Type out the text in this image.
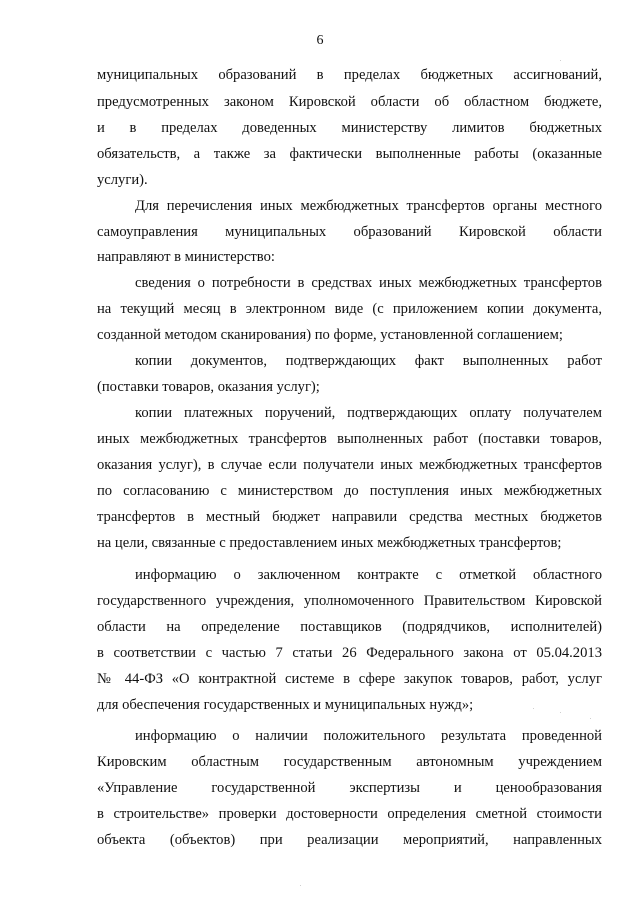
6
муниципальных образований в пределах бюджетных ассигнований,
предусмотренных законом Кировской области об областном бюджете,
и в пределах доведенных министерству лимитов бюджетных
обязательств, а также за фактически выполненные работы (оказанные
услуги).
Для перечисления иных межбюджетных трансфертов органы местного
самоуправления муниципальных образований Кировской области
направляют в министерство:
сведения о потребности в средствах иных межбюджетных трансфертов
на текущий месяц в электронном виде (с приложением копии документа,
созданной методом сканирования) по форме, установленной соглашением;
копии документов, подтверждающих факт выполненных работ
(поставки товаров, оказания услуг);
копии платежных поручений, подтверждающих оплату получателем
иных межбюджетных трансфертов выполненных работ (поставки товаров,
оказания услуг), в случае если получатели иных межбюджетных трансфертов
по согласованию с министерством до поступления иных межбюджетных
трансфертов в местный бюджет направили средства местных бюджетов
на цели, связанные с предоставлением иных межбюджетных трансфертов;
информацию о заключенном контракте с отметкой областного
государственного учреждения, уполномоченного Правительством Кировской
области на определение поставщиков (подрядчиков, исполнителей)
в соответствии с частью 7 статьи 26 Федерального закона от 05.04.2013
№ 44-ФЗ «О контрактной системе в сфере закупок товаров, работ, услуг
для обеспечения государственных и муниципальных нужд»;
информацию о наличии положительного результата проведенной
Кировским областным государственным автономным учреждением
«Управление государственной экспертизы и ценообразования
в строительстве» проверки достоверности определения сметной стоимости
объекта (объектов) при реализации мероприятий, направленных
